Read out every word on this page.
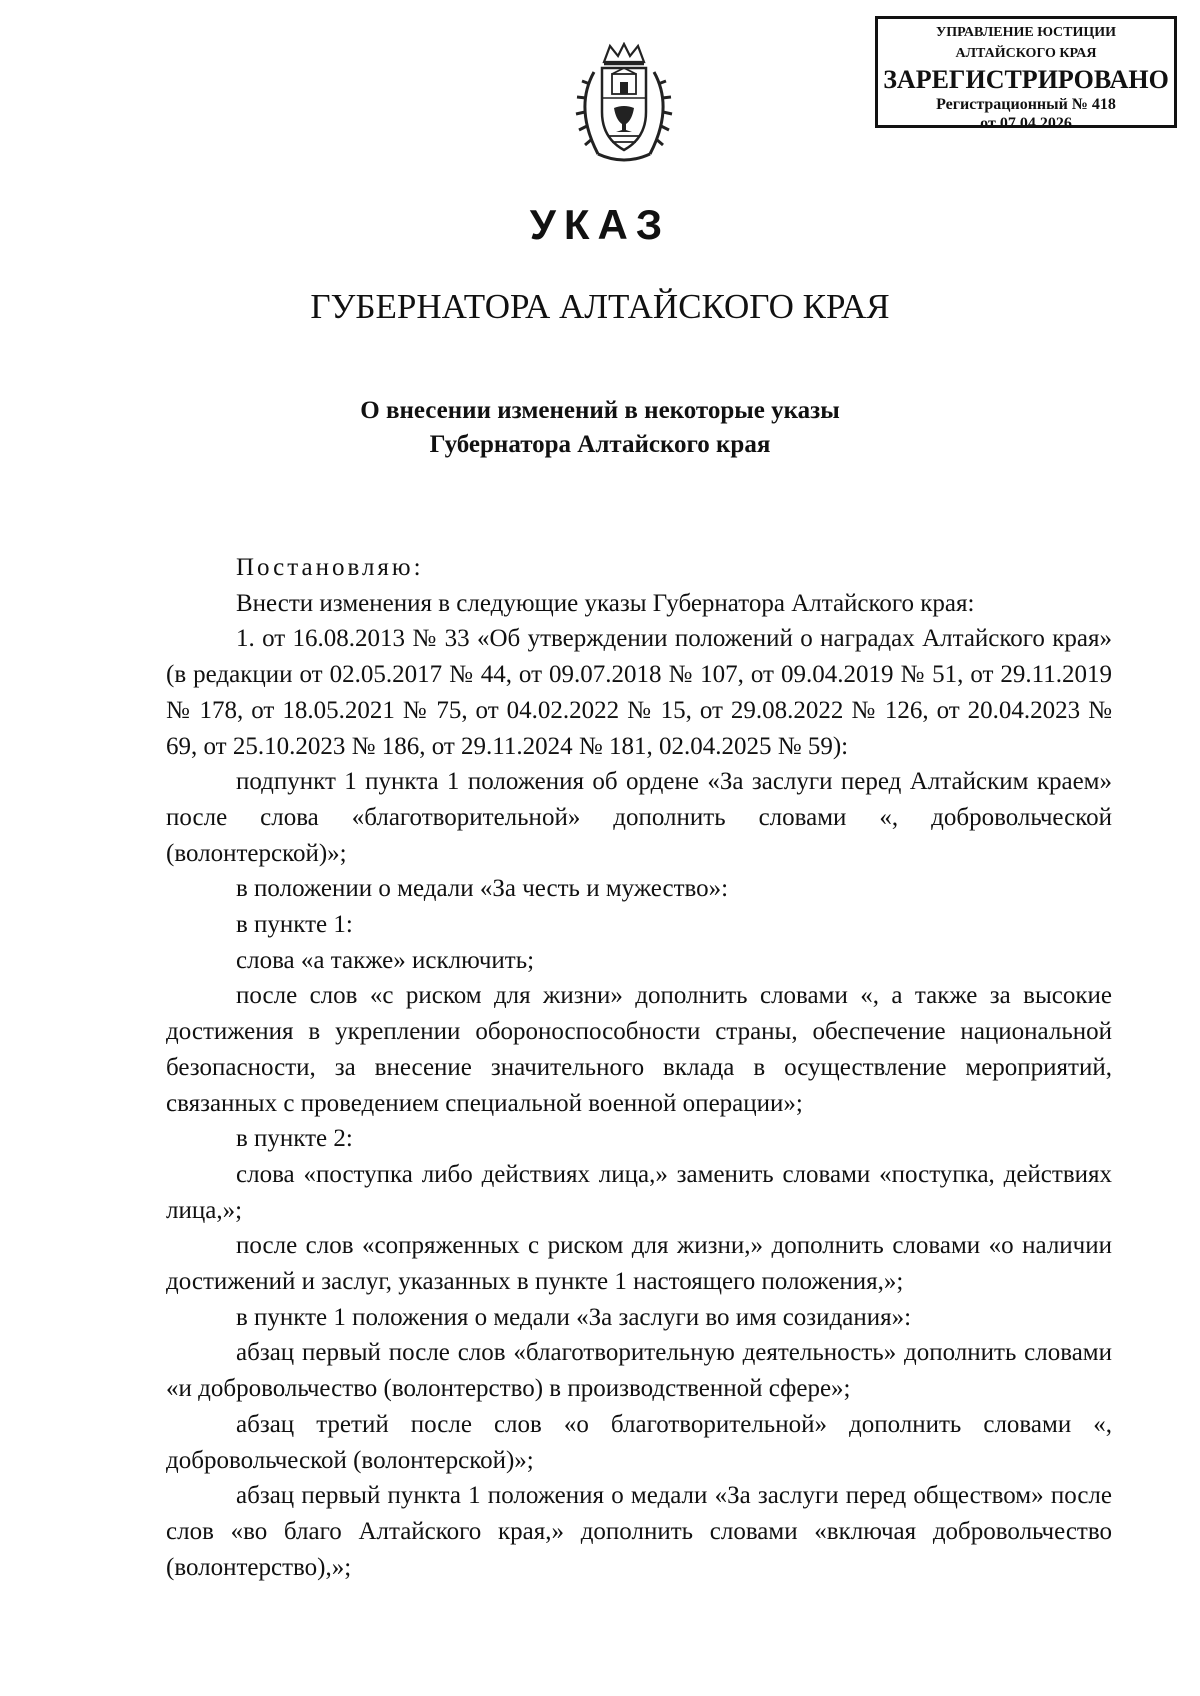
УПРАВЛЕНИЕ ЮСТИЦИИ
АЛТАЙСКОГО КРАЯ
ЗАРЕГИСТРИРОВАНО
Регистрационный № 418
от 07.04.2026
УКАЗ
ГУБЕРНАТОРА АЛТАЙСКОГО КРАЯ
О внесении изменений в некоторые указы
Губернатора Алтайского края

Постановляю:

Внести изменения в следующие указы Губернатора Алтайского края:

1. от 16.08.2013 № 33 «Об утверждении положений о наградах Алтайского края» (в редакции от 02.05.2017 № 44, от 09.07.2018 № 107, от 09.04.2019 № 51, от 29.11.2019 № 178, от 18.05.2021 № 75, от 04.02.2022 № 15, от 29.08.2022 № 126, от 20.04.2023 № 69, от 25.10.2023 № 186, от 29.11.2024 № 181, 02.04.2025 № 59):

подпункт 1 пункта 1 положения об ордене «За заслуги перед Алтайским краем» после слова «благотворительной» дополнить словами «, добровольческой (волонтерской)»;

в положении о медали «За честь и мужество»:

в пункте 1:

слова «а также» исключить;

после слов «с риском для жизни» дополнить словами «, а также за высокие достижения в укреплении обороноспособности страны, обеспечение национальной безопасности, за внесение значительного вклада в осуществление мероприятий, связанных с проведением специальной военной операции»;

в пункте 2:

слова «поступка либо действиях лица,» заменить словами «поступка, действиях лица,»;

после слов «сопряженных с риском для жизни,» дополнить словами «о наличии достижений и заслуг, указанных в пункте 1 настоящего положения,»;

в пункте 1 положения о медали «За заслуги во имя созидания»:

абзац первый после слов «благотворительную деятельность» дополнить словами «и добровольчество (волонтерство) в производственной сфере»;

абзац третий после слов «о благотворительной» дополнить словами «, добровольческой (волонтерской)»;

абзац первый пункта 1 положения о медали «За заслуги перед обществом» после слов «во благо Алтайского края,» дополнить словами «включая добровольчество (волонтерство),»;
